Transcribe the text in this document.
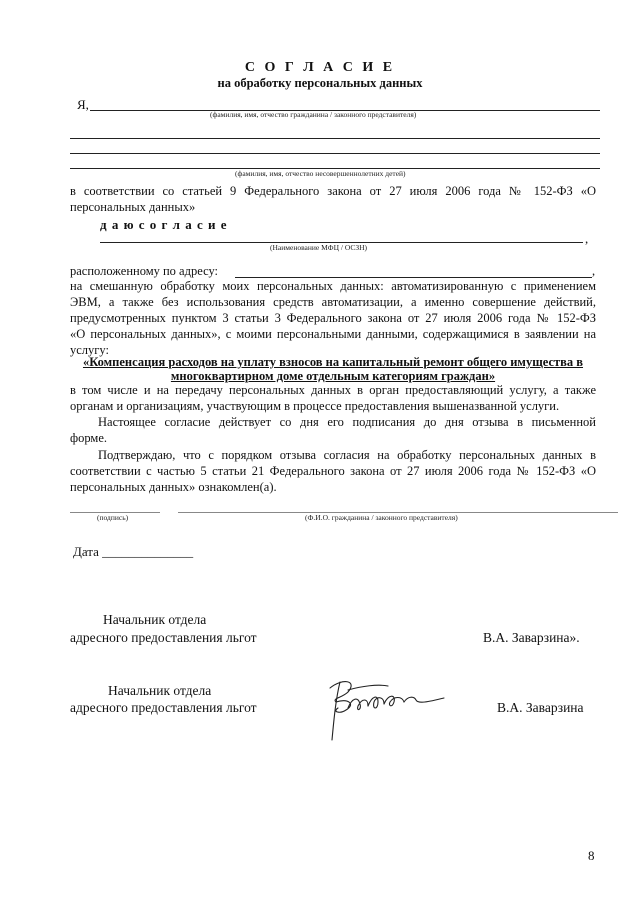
С О Г Л А С И Е
на обработку персональных данных
Я,
(фамилия, имя, отчество гражданина / законного представителя)
(фамилия, имя, отчество несовершеннолетних детей)
в соответствии со статьей 9 Федерального закона от 27 июля 2006 года № 152-ФЗ «О
персональных данных»
д а ю с о г л а с и е
,
(Наименование МФЦ / ОСЗН)
расположенному по адресу:	,
на смешанную обработку моих персональных данных: автоматизированную с применением
ЭВМ, а также без использования средств автоматизации, а именно совершение действий,
предусмотренных пунктом 3 статьи 3 Федерального закона от 27 июля 2006 года № 152-ФЗ
«О персональных данных», с моими персональными данными, содержащимися в заявлении на
услугу:
«Компенсация расходов на уплату взносов на капитальный ремонт общего имущества в
многоквартирном доме отдельным категориям граждан»
в том числе и на передачу персональных данных в орган предоставляющий услугу, а также
органам и организациям, участвующим в процессе предоставления вышеназванной услуги.
Настоящее согласие действует со дня его подписания до дня отзыва в письменной
форме.
Подтверждаю, что с порядком отзыва согласия на обработку персональных данных в
соответствии с частью 5 статьи 21 Федерального закона от 27 июля 2006 года № 152-ФЗ «О
персональных данных» ознакомлен(а).
(подпись)	(Ф.И.О. гражданина / законного представителя)
Дата ______________
Начальник отдела
адресного предоставления льгот	В.А. Заварзина».
Начальник отдела
адресного предоставления льгот	В.А. Заварзина
8
